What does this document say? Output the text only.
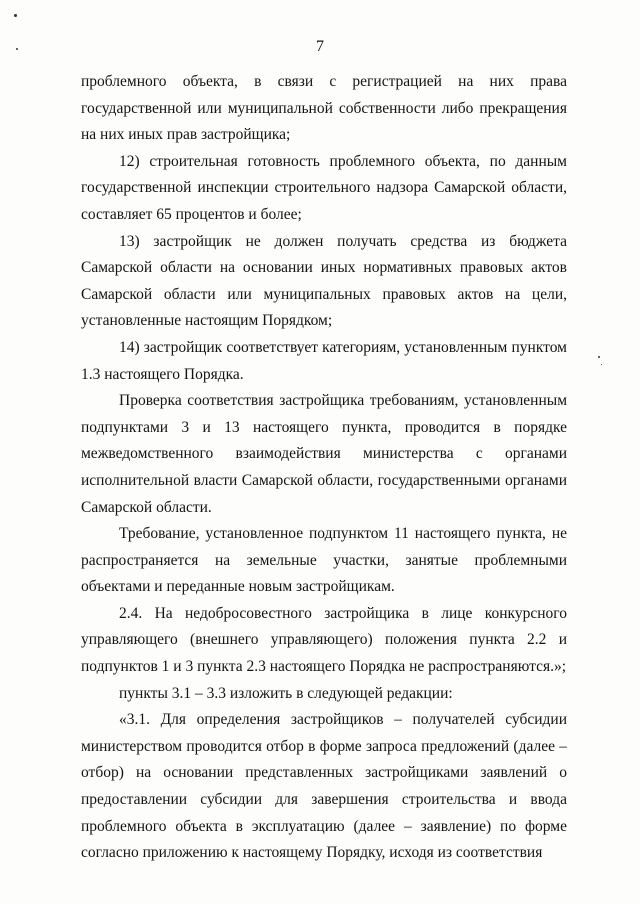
7

проблемного объекта, в связи с регистрацией на них права государственной или муниципальной собственности либо прекращения на них иных прав застройщика;

12) строительная готовность проблемного объекта, по данным государственной инспекции строительного надзора Самарской области, составляет 65 процентов и более;

13) застройщик не должен получать средства из бюджета Самарской области на основании иных нормативных правовых актов Самарской области или муниципальных правовых актов на цели, установленные настоящим Порядком;

14) застройщик соответствует категориям, установленным пунктом 1.3 настоящего Порядка.

Проверка соответствия застройщика требованиям, установленным подпунктами 3 и 13 настоящего пункта, проводится в порядке межведомственного взаимодействия министерства с органами исполнительной власти Самарской области, государственными органами Самарской области.

Требование, установленное подпунктом 11 настоящего пункта, не распространяется на земельные участки, занятые проблемными объектами и переданные новым застройщикам.

2.4. На недобросовестного застройщика в лице конкурсного управляющего (внешнего управляющего) положения пункта 2.2 и подпунктов 1 и 3 пункта 2.3 настоящего Порядка не распространяются.»;

пункты 3.1 – 3.3 изложить в следующей редакции:

«3.1. Для определения застройщиков – получателей субсидии министерством проводится отбор в форме запроса предложений (далее – отбор) на основании представленных застройщиками заявлений о предоставлении субсидии для завершения строительства и ввода проблемного объекта в эксплуатацию (далее – заявление) по форме согласно приложению к настоящему Порядку, исходя из соответствия
